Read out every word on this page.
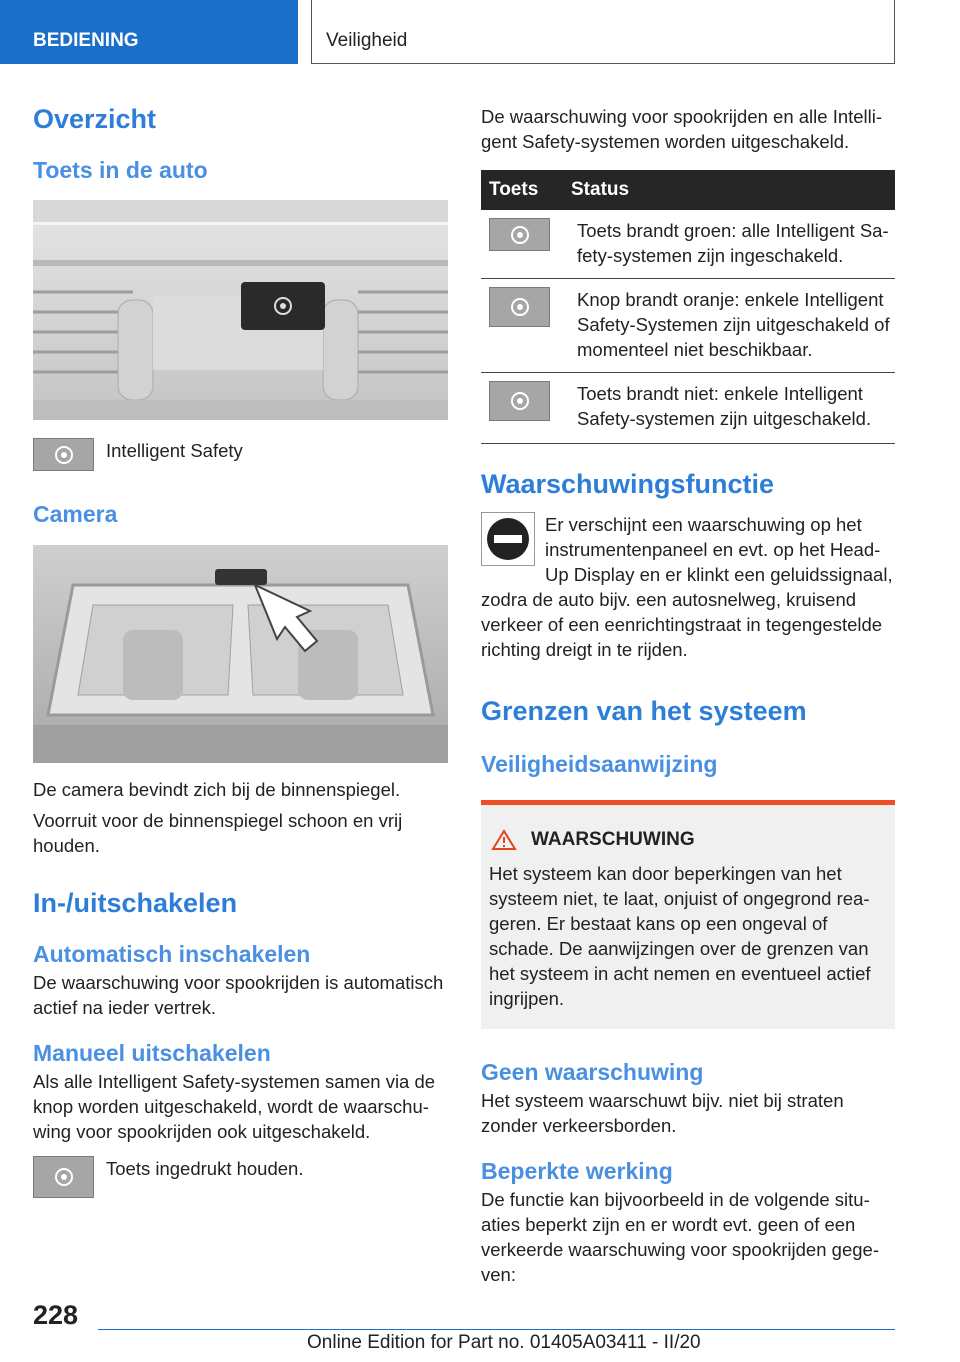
BEDIENING	Veiligheid
Overzicht
Toets in de auto

Intelligent Safety

Camera

De camera bevindt zich bij de binnenspiegel.

Voorruit voor de binnenspiegel schoon en vrij houden.

In-/uitschakelen
Automatisch inschakelen

De waarschuwing voor spookrijden is automatisch actief na ieder vertrek.

Manueel uitschakelen

Als alle Intelligent Safety-systemen samen via de knop worden uitgeschakeld, wordt de waarschuwing voor spookrijden ook uitgeschakeld.

Toets ingedrukt houden.

De waarschuwing voor spookrijden en alle Intelligent Safety-systemen worden uitgeschakeld.

Toets	Status

Toets brandt groen: alle Intelligent Safety-systemen zijn ingeschakeld.

Knop brandt oranje: enkele Intelligent Safety-Systemen zijn uitgeschakeld of momenteel niet beschikbaar.

Toets brandt niet: enkele Intelligent Safety-systemen zijn uitgeschakeld.

Waarschuwingsfunctie

Er verschijnt een waarschuwing op het instrumentenpaneel en evt. op het Head-Up Display en er klinkt een geluidssignaal, zodra de auto bijv. een autosnelweg, kruisend verkeer of een eenrichtingstraat in tegengestelde richting dreigt in te rijden.

Grenzen van het systeem
Veiligheidsaanwijzing
WAARSCHUWING

Het systeem kan door beperkingen van het systeem niet, te laat, onjuist of ongegrond reageren. Er bestaat kans op een ongeval of schade. De aanwijzingen over de grenzen van het systeem in acht nemen en eventueel actief ingrijpen.

Geen waarschuwing

Het systeem waarschuwt bijv. niet bij straten zonder verkeersborden.

Beperkte werking

De functie kan bijvoorbeeld in de volgende situaties beperkt zijn en er wordt evt. geen of een verkeerde waarschuwing voor spookrijden gegeven:

228
Online Edition for Part no. 01405A03411 - II/20
